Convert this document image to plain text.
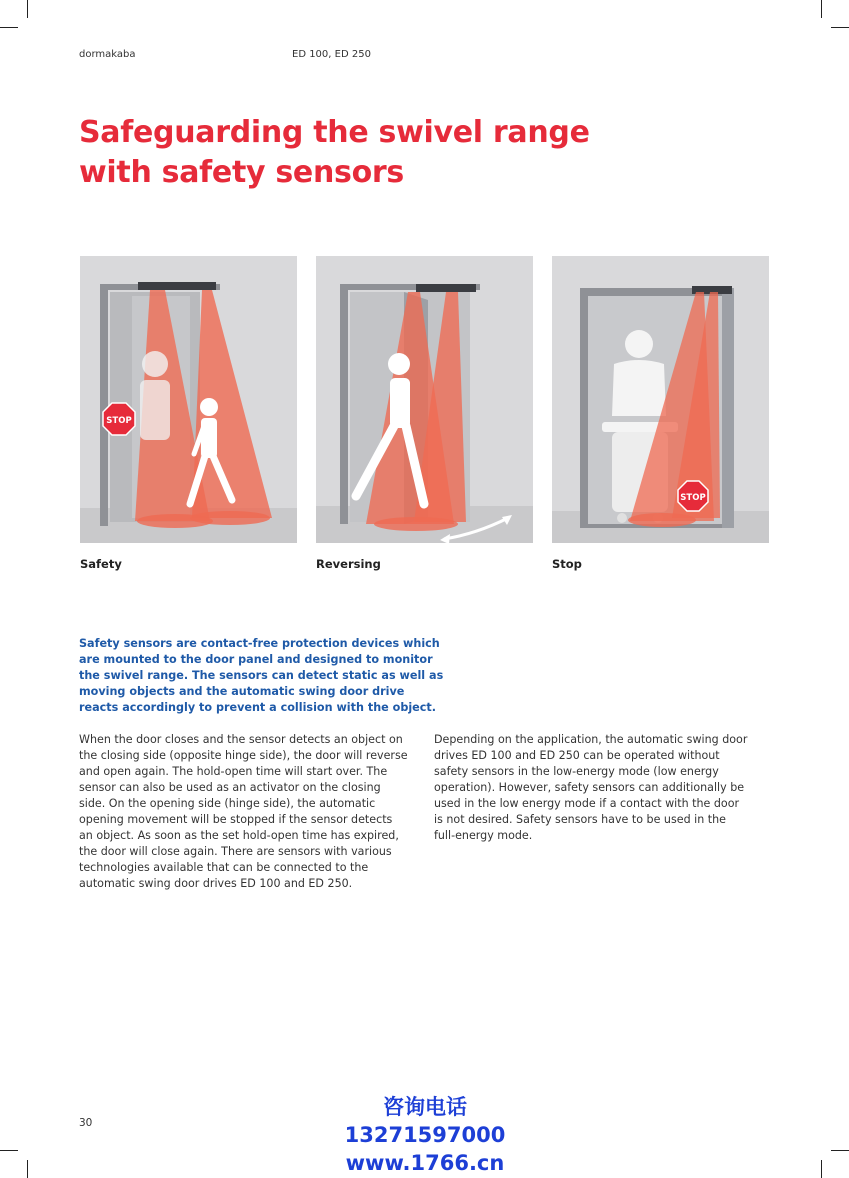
dormakaba	ED 100, ED 250
Safeguarding the swivel range
with safety sensors
STOP
STOP
Safety	Reversing	Stop
Safety sensors are contact-free protection devices which
are mounted to the door panel and designed to monitor
the swivel range. The sensors can detect static as well as
moving objects and the automatic swing door drive
reacts accordingly to prevent a collision with the object.
When the door closes and the sensor detects an object on
the closing side (opposite hinge side), the door will reverse
and open again. The hold-open time will start over. The
sensor can also be used as an activator on the closing
side. On the opening side (hinge side), the automatic
opening movement will be stopped if the sensor detects
an object. As soon as the set hold-open time has expired,
the door will close again. There are sensors with various
technologies available that can be connected to the
automatic swing door drives ED 100 and ED 250.
Depending on the application, the automatic swing door
drives ED 100 and ED 250 can be operated without
safety sensors in the low-energy mode (low energy
operation). However, safety sensors can additionally be
used in the low energy mode if a contact with the door
is not desired. Safety sensors have to be used in the
full-energy mode.
30
咨询电话
13271597000
www.1766.cn
